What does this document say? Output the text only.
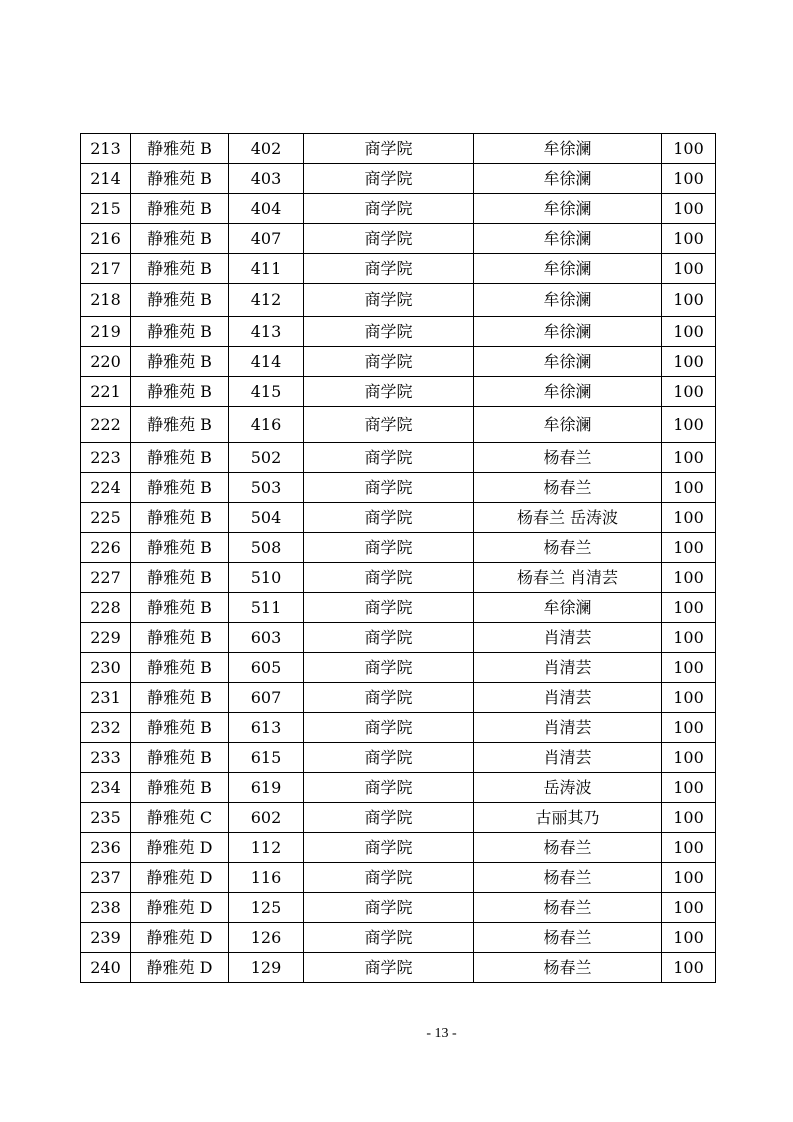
213	静雅苑 B	402	商学院	牟徐澜	100
214	静雅苑 B	403	商学院	牟徐澜	100
215	静雅苑 B	404	商学院	牟徐澜	100
216	静雅苑 B	407	商学院	牟徐澜	100
217	静雅苑 B	411	商学院	牟徐澜	100
218	静雅苑 B	412	商学院	牟徐澜	100
219	静雅苑 B	413	商学院	牟徐澜	100
220	静雅苑 B	414	商学院	牟徐澜	100
221	静雅苑 B	415	商学院	牟徐澜	100
222	静雅苑 B	416	商学院	牟徐澜	100
223	静雅苑 B	502	商学院	杨春兰	100
224	静雅苑 B	503	商学院	杨春兰	100
225	静雅苑 B	504	商学院	杨春兰 岳涛波	100
226	静雅苑 B	508	商学院	杨春兰	100
227	静雅苑 B	510	商学院	杨春兰 肖清芸	100
228	静雅苑 B	511	商学院	牟徐澜	100
229	静雅苑 B	603	商学院	肖清芸	100
230	静雅苑 B	605	商学院	肖清芸	100
231	静雅苑 B	607	商学院	肖清芸	100
232	静雅苑 B	613	商学院	肖清芸	100
233	静雅苑 B	615	商学院	肖清芸	100
234	静雅苑 B	619	商学院	岳涛波	100
235	静雅苑 C	602	商学院	古丽其乃	100
236	静雅苑 D	112	商学院	杨春兰	100
237	静雅苑 D	116	商学院	杨春兰	100
238	静雅苑 D	125	商学院	杨春兰	100
239	静雅苑 D	126	商学院	杨春兰	100
240	静雅苑 D	129	商学院	杨春兰	100
- 13 -
